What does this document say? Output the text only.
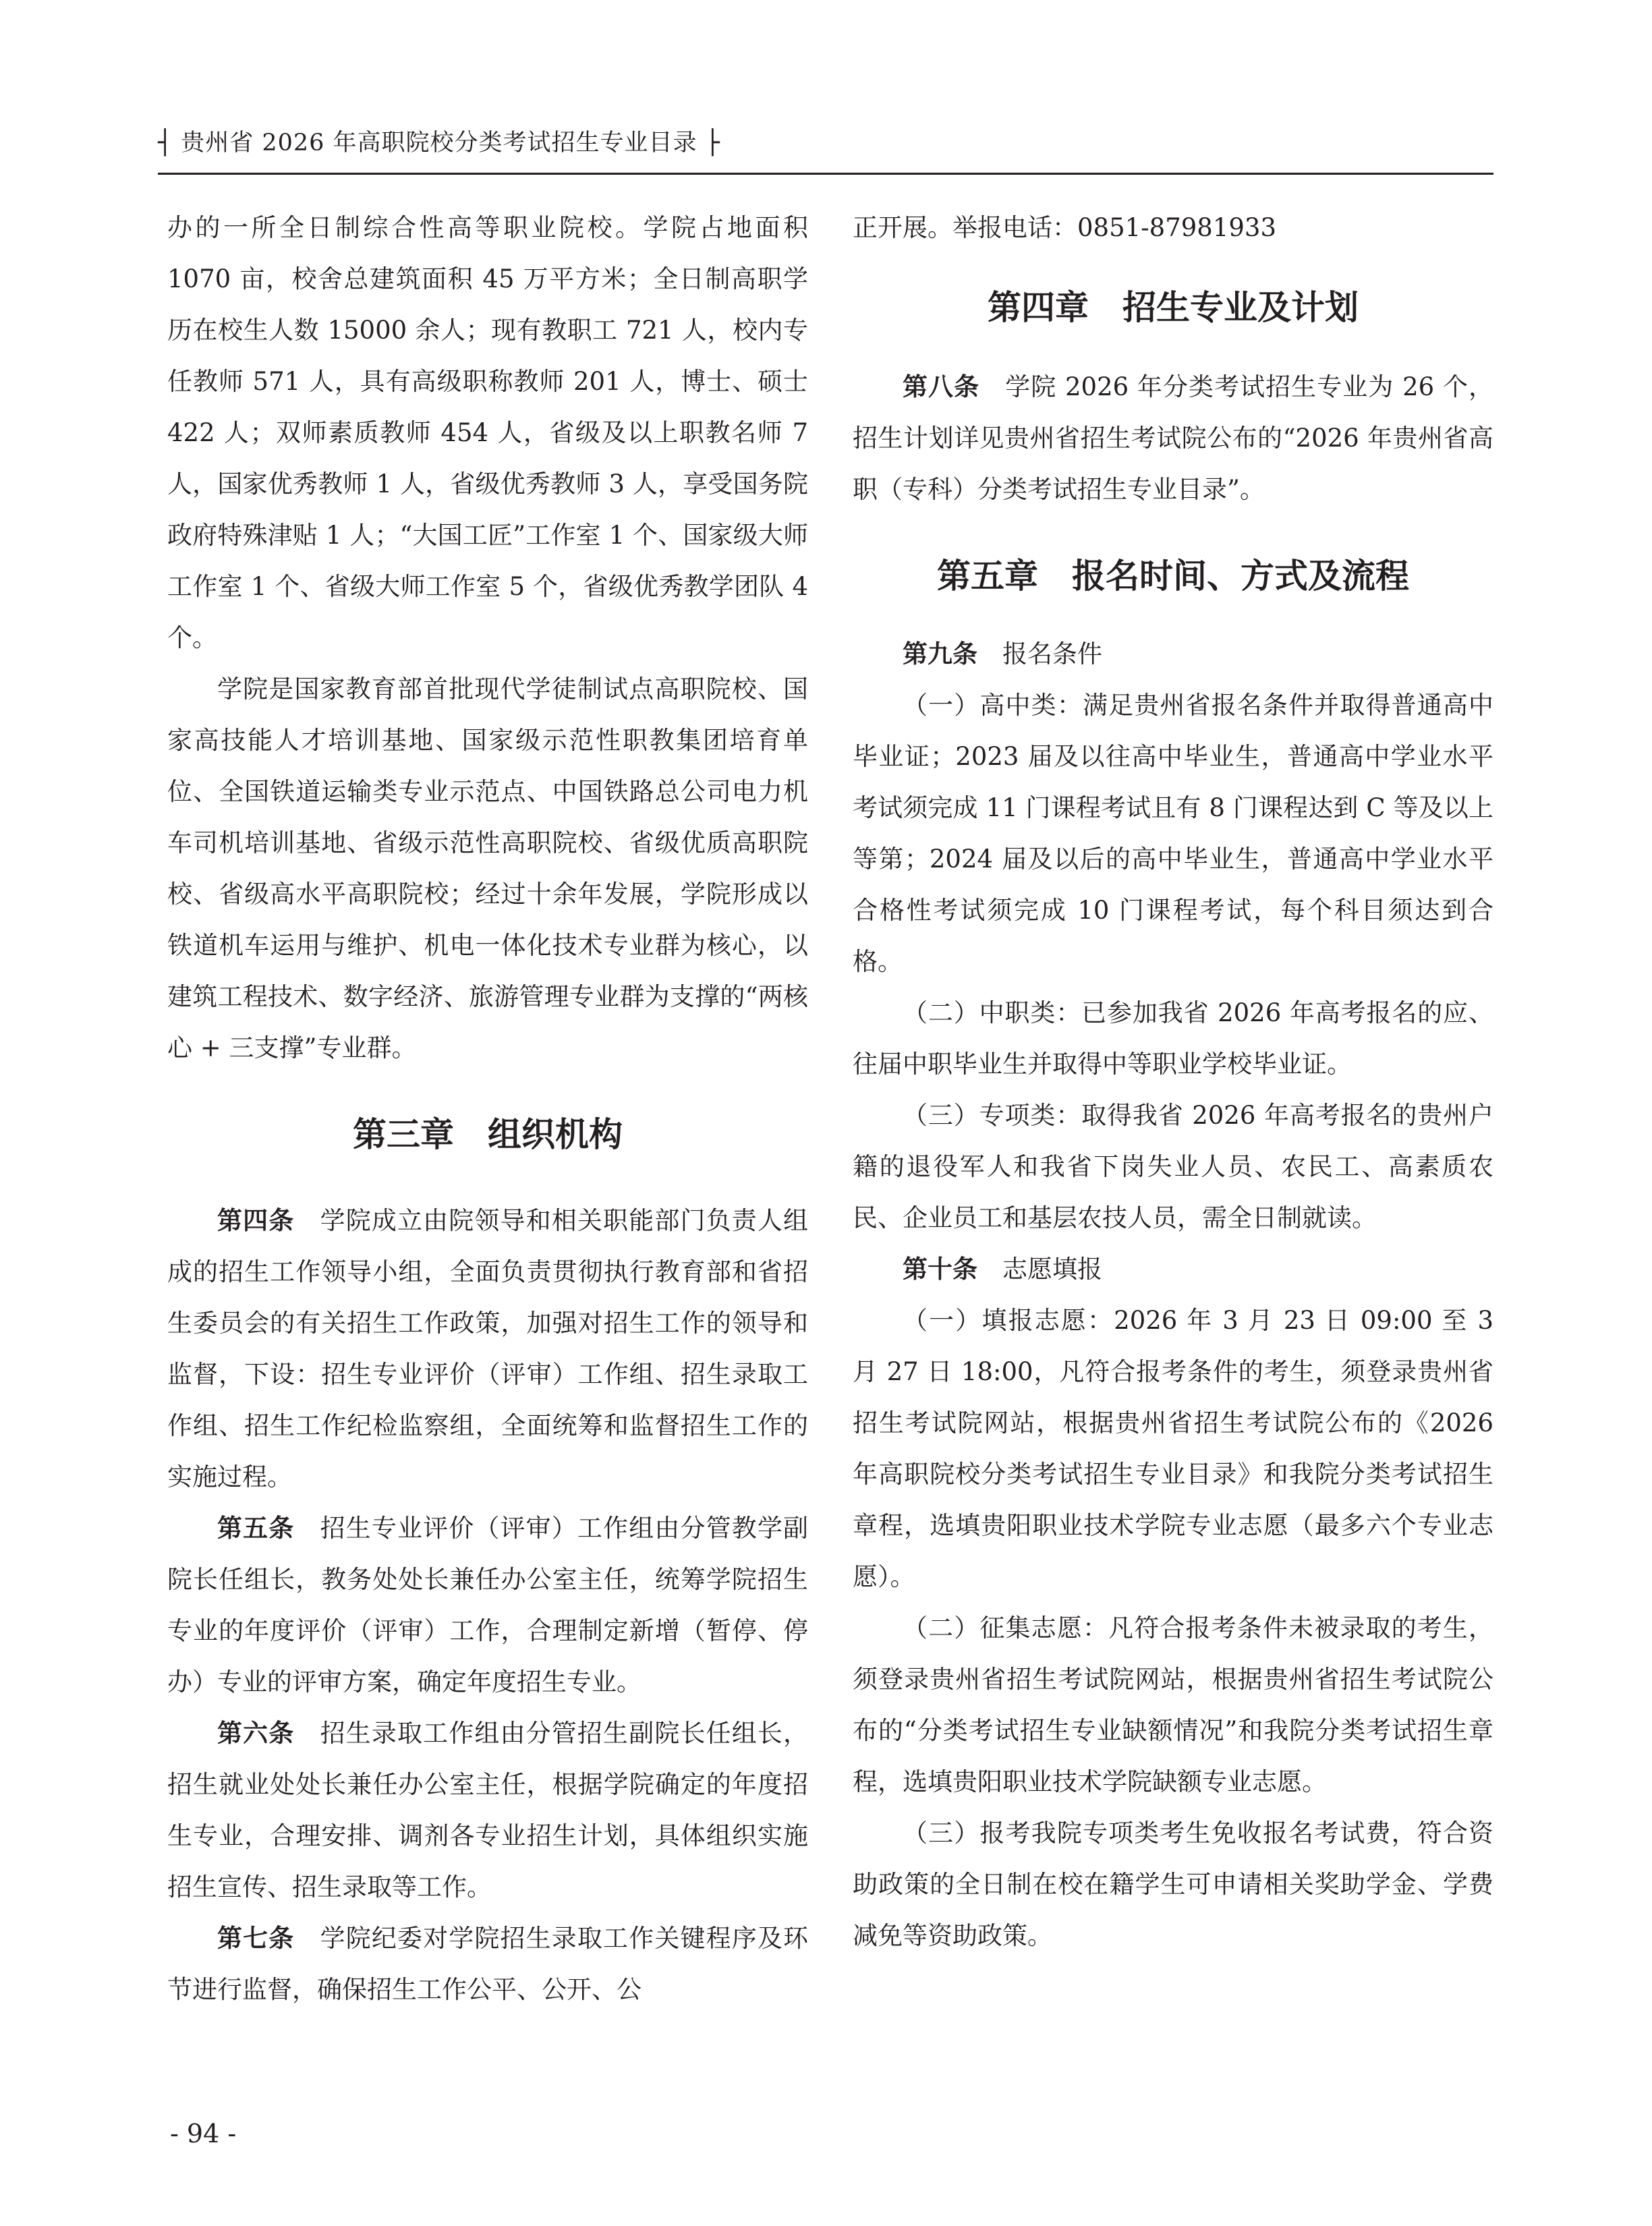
┤ 贵州省 2026 年高职院校分类考试招生专业目录 ├

办的一所全日制综合性高等职业院校。学院占地面积 1070 亩，校舍总建筑面积 45 万平方米；全日制高职学历在校生人数 15000 余人；现有教职工 721 人，校内专任教师 571 人，具有高级职称教师 201 人，博士、硕士 422 人；双师素质教师 454 人，省级及以上职教名师 7 人，国家优秀教师 1 人，省级优秀教师 3 人，享受国务院政府特殊津贴 1 人；“大国工匠”工作室 1 个、国家级大师工作室 1 个、省级大师工作室 5 个，省级优秀教学团队 4 个。

学院是国家教育部首批现代学徒制试点高职院校、国家高技能人才培训基地、国家级示范性职教集团培育单位、全国铁道运输类专业示范点、中国铁路总公司电力机车司机培训基地、省级示范性高职院校、省级优质高职院校、省级高水平高职院校；经过十余年发展，学院形成以铁道机车运用与维护、机电一体化技术专业群为核心，以建筑工程技术、数字经济、旅游管理专业群为支撑的“两核心 + 三支撑”专业群。

第三章　组织机构

第四条　 学院成立由院领导和相关职能部门负责人组成的招生工作领导小组，全面负责贯彻执行教育部和省招生委员会的有关招生工作政策，加强对招生工作的领导和监督，下设：招生专业评价（评审）工作组、招生录取工作组、招生工作纪检监察组，全面统筹和监督招生工作的实施过程。

第五条　 招生专业评价（评审）工作组由分管教学副院长任组长，教务处处长兼任办公室主任，统筹学院招生专业的年度评价（评审）工作，合理制定新增（暂停、停办）专业的评审方案，确定年度招生专业。

第六条　 招生录取工作组由分管招生副院长任组长，招生就业处处长兼任办公室主任，根据学院确定的年度招生专业，合理安排、调剂各专业招生计划，具体组织实施招生宣传、招生录取等工作。

第七条　 学院纪委对学院招生录取工作关键程序及环节进行监督，确保招生工作公平、公开、公

正开展。举报电话：0851-87981933

第四章　招生专业及计划

第八条　 学院 2026 年分类考试招生专业为 26 个，招生计划详见贵州省招生考试院公布的“2026 年贵州省高职（专科）分类考试招生专业目录”。

第五章　报名时间、方式及流程

第九条　 报名条件

（一）高中类：满足贵州省报名条件并取得普通高中毕业证；2023 届及以往高中毕业生，普通高中学业水平考试须完成 11 门课程考试且有 8 门课程达到 C 等及以上等第；2024 届及以后的高中毕业生，普通高中学业水平合格性考试须完成 10 门课程考试，每个科目须达到合格。

（二）中职类：已参加我省 2026 年高考报名的应、往届中职毕业生并取得中等职业学校毕业证。

（三）专项类：取得我省 2026 年高考报名的贵州户籍的退役军人和我省下岗失业人员、农民工、高素质农民、企业员工和基层农技人员，需全日制就读。

第十条　 志愿填报

（一）填报志愿：2026 年 3 月 23 日 09:00 至 3 月 27 日 18:00，凡符合报考条件的考生，须登录贵州省招生考试院网站，根据贵州省招生考试院公布的《2026 年高职院校分类考试招生专业目录》和我院分类考试招生章程，选填贵阳职业技术学院专业志愿（最多六个专业志愿）。

（二）征集志愿：凡符合报考条件未被录取的考生，须登录贵州省招生考试院网站，根据贵州省招生考试院公布的“分类考试招生专业缺额情况”和我院分类考试招生章程，选填贵阳职业技术学院缺额专业志愿。

（三）报考我院专项类考生免收报名考试费，符合资助政策的全日制在校在籍学生可申请相关奖助学金、学费减免等资助政策。

- 94 -
